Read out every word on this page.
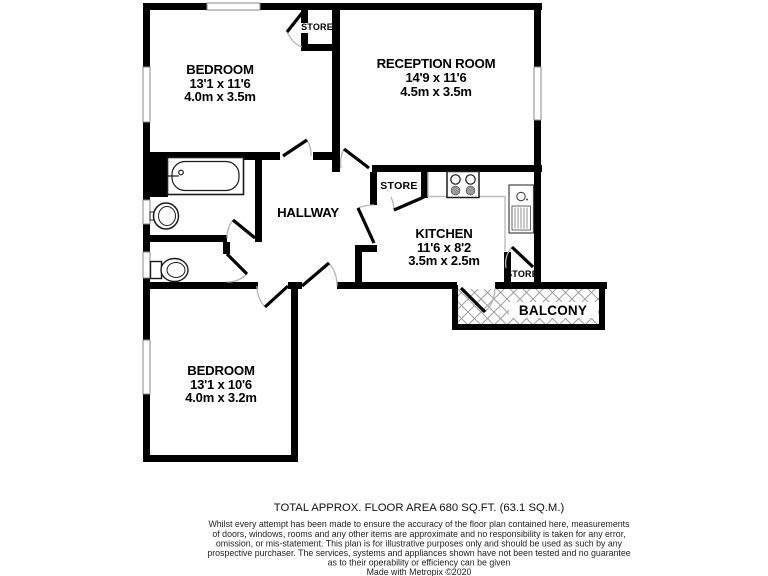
BEDROOM
13'1 x 11'6
4.0m x 3.5m
RECEPTION ROOM
14'9 x 11'6
4.5m x 3.5m
HALLWAY
KITCHEN
11'6 x 8'2
3.5m x 2.5m
BEDROOM
13'1 x 10'6
4.0m x 3.2m
STORE
STORE
STORE
BALCONY
TOTAL APPROX. FLOOR AREA 680 SQ.FT. (63.1 SQ.M.)
Whilst every attempt has been made to ensure the accuracy of the floor plan contained here, measurements
of doors, windows, rooms and any other items are approximate and no responsibility is taken for any error,
omission, or mis-statement. This plan is for illustrative purposes only and should be used as such by any
prospective purchaser. The services, systems and appliances shown have not been tested and no guarantee
as to their operability or efficiency can be given
Made with Metropix ©2020
